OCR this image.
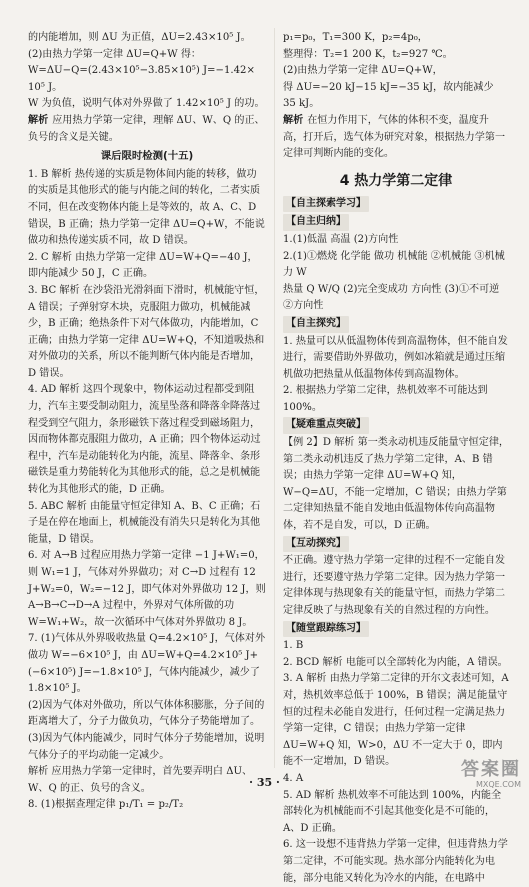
的内能增加，则 ΔU 为正值，ΔU=2.43×10⁵ J。

(2)由热力学第一定律 ΔU=Q+W 得：

W=ΔU−Q=(2.43×10⁵−3.85×10⁵) J=−1.42×

10⁵ J。

W 为负值，说明气体对外界做了 1.42×10⁵ J 的功。

解析 应用热力学第一定律，理解 ΔU、W、Q 的正、负号的含义是关键。

课后限时检测(十五)

1. B 解析 热传递的实质是物体间内能的转移，做功的实质是其他形式的能与内能之间的转化，二者实质不同，但在改变物体内能上是等效的，故 A、C、D 错误，B 正确；热力学第一定律 ΔU=Q+W，不能说做功和热传递实质不同，故 D 错误。

2. C 解析 由热力学第一定律 ΔU=W+Q=−40 J，即内能减少 50 J，C 正确。

3. BC 解析 在沙袋沿光滑斜面下滑时，机械能守恒，A 错误；子弹射穿木块，克服阻力做功，机械能减少，B 正确；绝热条件下对气体做功，内能增加，C 正确；由热力学第一定律 ΔU=W+Q，不知道吸热和对外做功的关系，所以不能判断气体内能是否增加，D 错误。

4. AD 解析 这四个现象中，物体运动过程都受到阻力，汽车主要受制动阻力，流星坠落和降落伞降落过程受到空气阻力，条形磁铁下落过程受到磁场阻力，因而物体都克服阻力做功，A 正确；四个物体运动过程中，汽车是动能转化为内能，流星、降落伞、条形磁铁是重力势能转化为其他形式的能，总之是机械能转化为其他形式的能，D 正确。

5. ABC 解析 由能量守恒定律知 A、B、C 正确；石子是在停在地面上，机械能没有消失只是转化为其他能量，D 错误。

6. 对 A→B 过程应用热力学第一定律 −1 J+W₁=0，则 W₁=1 J，气体对外界做功；对 C→D 过程有 12 J+W₂=0，W₂=−12 J，即气体对外界做功 12 J，则 A→B→C→D→A 过程中，外界对气体所做的功 W=W₁+W₂，故一次循环中气体对外界做功 8 J。

7. (1)气体从外界吸收热量 Q=4.2×10⁵ J，气体对外做功 W=−6×10⁵ J，由 ΔU=W+Q=4.2×10⁵ J+(−6×10⁵) J=−1.8×10⁵ J，气体内能减少，减少了 1.8×10⁵ J。

(2)因为气体对外做功，所以气体体积膨胀，分子间的距离增大了，分子力做负功，气体分子势能增加了。

(3)因为气体内能减少，同时气体分子势能增加，说明气体分子的平均动能一定减少。

解析 应用热力学第一定律时，首先要弄明白 ΔU、W、Q 的正、负号的含义。

8. (1)根据查理定律 p₁/T₁ = p₂/T₂

p₁=p₀，T₁=300 K，p₂=4p₀，

整理得：T₂=1 200 K，t₂=927 ℃。

(2)由热力学第一定律 ΔU=Q+W，

得 ΔU=−20 kJ−15 kJ=−35 kJ，故内能减少 35 kJ。

解析 在恒力作用下，气体的体积不变，温度升高，打开后，选气体为研究对象，根据热力学第一定律可判断内能的变化。

4 热力学第二定律
【自主探索学习】
【自主归纳】

1.(1)低温 高温 (2)方向性

2.(1)①燃烧 化学能 做功 机械能 ②机械能 ③机械力 W

热量 Q W/Q (2)完全变成功 方向性 (3)①不可逆

②方向性

【自主探究】

1. 热量可以从低温物体传到高温物体，但不能自发进行，需要借助外界做功，例如冰箱就是通过压缩机做功把热量从低温物体传到高温物体。

2. 根据热力学第二定律，热机效率不可能达到 100%。

【疑难重点突破】

【例 2】D 解析 第一类永动机违反能量守恒定律，第二类永动机违反了热力学第二定律，A、B 错误；由热力学第一定律 ΔU=W+Q 知，W−Q=ΔU，不能一定增加，C 错误；由热力学第二定律知热量不能自发地由低温物体传向高温物体，若不是自发，可以，D 正确。

【互动探究】

不正确。遵守热力学第一定律的过程不一定能自发进行，还要遵守热力学第二定律。因为热力学第一定律体现与热现象有关的能量守恒，而热力学第二定律反映了与热现象有关的自然过程的方向性。

【随堂跟踪练习】

1. B

2. BCD 解析 电能可以全部转化为内能，A 错误。

3. A 解析 由热力学第二定律的开尔文表述可知，A 对，热机效率总低于 100%，B 错误；满足能量守恒的过程未必能自发进行，任何过程一定满足热力学第一定律，C 错误；由热力学第一定律 ΔU=W+Q 知，W>0，ΔU 不一定大于 0，即内能不一定增加，D 错误。

4. A

5. AD 解析 热机效率不可能达到 100%，内能全部转化为机械能而不引起其他变化是不可能的，A、D 正确。

6. 这一设想不违背热力学第一定律，但违背热力学第二定律，不可能实现。热水部分内能转化为电能，部分电能又转化为冷水的内能，在电路中

· 35 ·
答案圈
MXQE.COM
